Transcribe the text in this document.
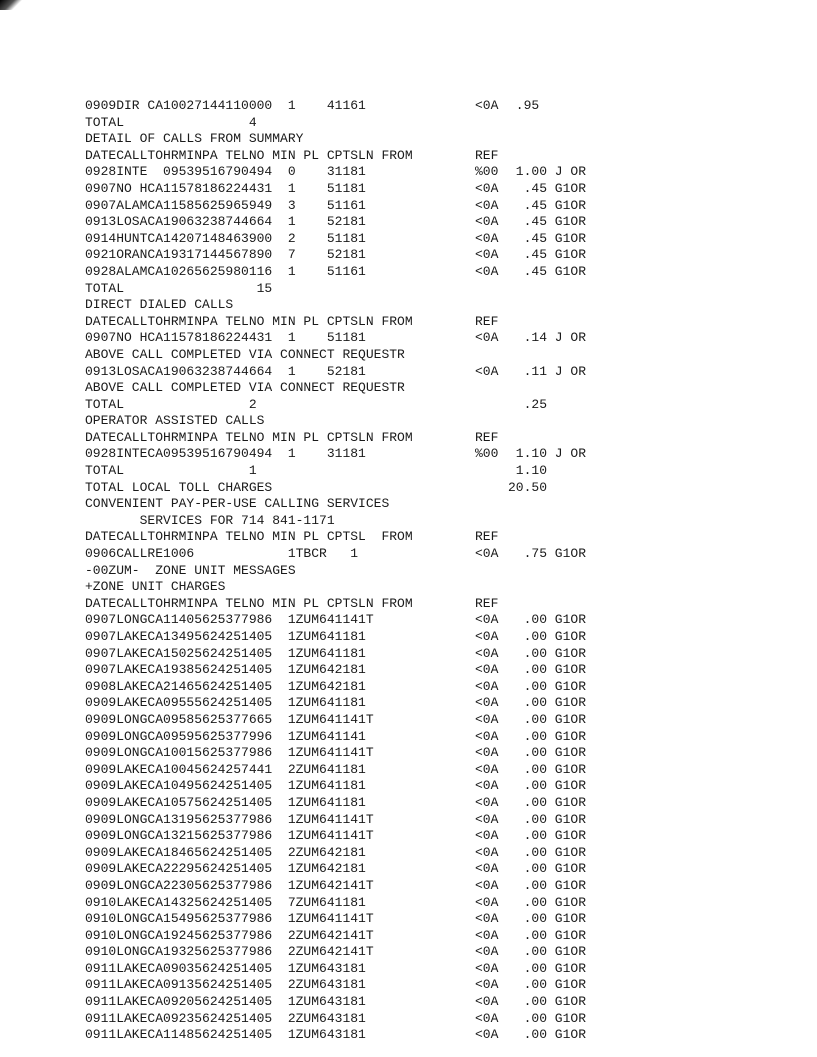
0909DIR CA10027144110000  1    41161	<0A .95
TOTAL                4
DETAIL OF CALLS FROM SUMMARY
DATECALLTOHRMINPA TELNO MIN PL CPTSLN FROM	REF
0928INTE  09539516790494  0    31181	%00 1.00 J OR
0907NO HCA11578186224431  1    51181	<0A .45 G1OR
0907ALAMCA11585625965949  3    51161	<0A .45 G1OR
0913LOSACA19063238744664  1    52181	<0A .45 G1OR
0914HUNTCA14207148463900  2    51181	<0A .45 G1OR
0921ORANCA19317144567890  7    52181	<0A .45 G1OR
0928ALAMCA10265625980116  1    51161	<0A .45 G1OR
TOTAL                 15
DIRECT DIALED CALLS
DATECALLTOHRMINPA TELNO MIN PL CPTSLN FROM	REF
0907NO HCA11578186224431  1    51181	<0A .14 J OR
ABOVE CALL COMPLETED VIA CONNECT REQUESTR
0913LOSACA19063238744664  1    52181	<0A .11 J OR
ABOVE CALL COMPLETED VIA CONNECT REQUESTR
TOTAL                2	.25
OPERATOR ASSISTED CALLS
DATECALLTOHRMINPA TELNO MIN PL CPTSLN FROM	REF
0928INTECA09539516790494  1    31181	%00 1.10 J OR
TOTAL                1	1.10
TOTAL LOCAL TOLL CHARGES	20.50
CONVENIENT PAY-PER-USE CALLING SERVICES
SERVICES FOR 714 841-1171
DATECALLTOHRMINPA TELNO MIN PL CPTSL  FROM	REF
0906CALLRE1006            1TBCR   1	<0A .75 G1OR
-00ZUM-  ZONE UNIT MESSAGES
+ZONE UNIT CHARGES
DATECALLTOHRMINPA TELNO MIN PL CPTSLN FROM	REF
0907LONGCA11405625377986  1ZUM641141T	<0A .00 G1OR
0907LAKECA13495624251405  1ZUM641181	<0A .00 G1OR
0907LAKECA15025624251405  1ZUM641181	<0A .00 G1OR
0907LAKECA19385624251405  1ZUM642181	<0A .00 G1OR
0908LAKECA21465624251405  1ZUM642181	<0A .00 G1OR
0909LAKECA09555624251405  1ZUM641181	<0A .00 G1OR
0909LONGCA09585625377665  1ZUM641141T	<0A .00 G1OR
0909LONGCA09595625377996  1ZUM641141	<0A .00 G1OR
0909LONGCA10015625377986  1ZUM641141T	<0A .00 G1OR
0909LAKECA10045624257441  2ZUM641181	<0A .00 G1OR
0909LAKECA10495624251405  1ZUM641181	<0A .00 G1OR
0909LAKECA10575624251405  1ZUM641181	<0A .00 G1OR
0909LONGCA13195625377986  1ZUM641141T	<0A .00 G1OR
0909LONGCA13215625377986  1ZUM641141T	<0A .00 G1OR
0909LAKECA18465624251405  2ZUM642181	<0A .00 G1OR
0909LAKECA22295624251405  1ZUM642181	<0A .00 G1OR
0909LONGCA22305625377986  1ZUM642141T	<0A .00 G1OR
0910LAKECA14325624251405  7ZUM641181	<0A .00 G1OR
0910LONGCA15495625377986  1ZUM641141T	<0A .00 G1OR
0910LONGCA19245625377986  2ZUM642141T	<0A .00 G1OR
0910LONGCA19325625377986  2ZUM642141T	<0A .00 G1OR
0911LAKECA09035624251405  1ZUM643181	<0A .00 G1OR
0911LAKECA09135624251405  2ZUM643181	<0A .00 G1OR
0911LAKECA09205624251405  1ZUM643181	<0A .00 G1OR
0911LAKECA09235624251405  2ZUM643181	<0A .00 G1OR
0911LAKECA11485624251405  1ZUM643181	<0A .00 G1OR
